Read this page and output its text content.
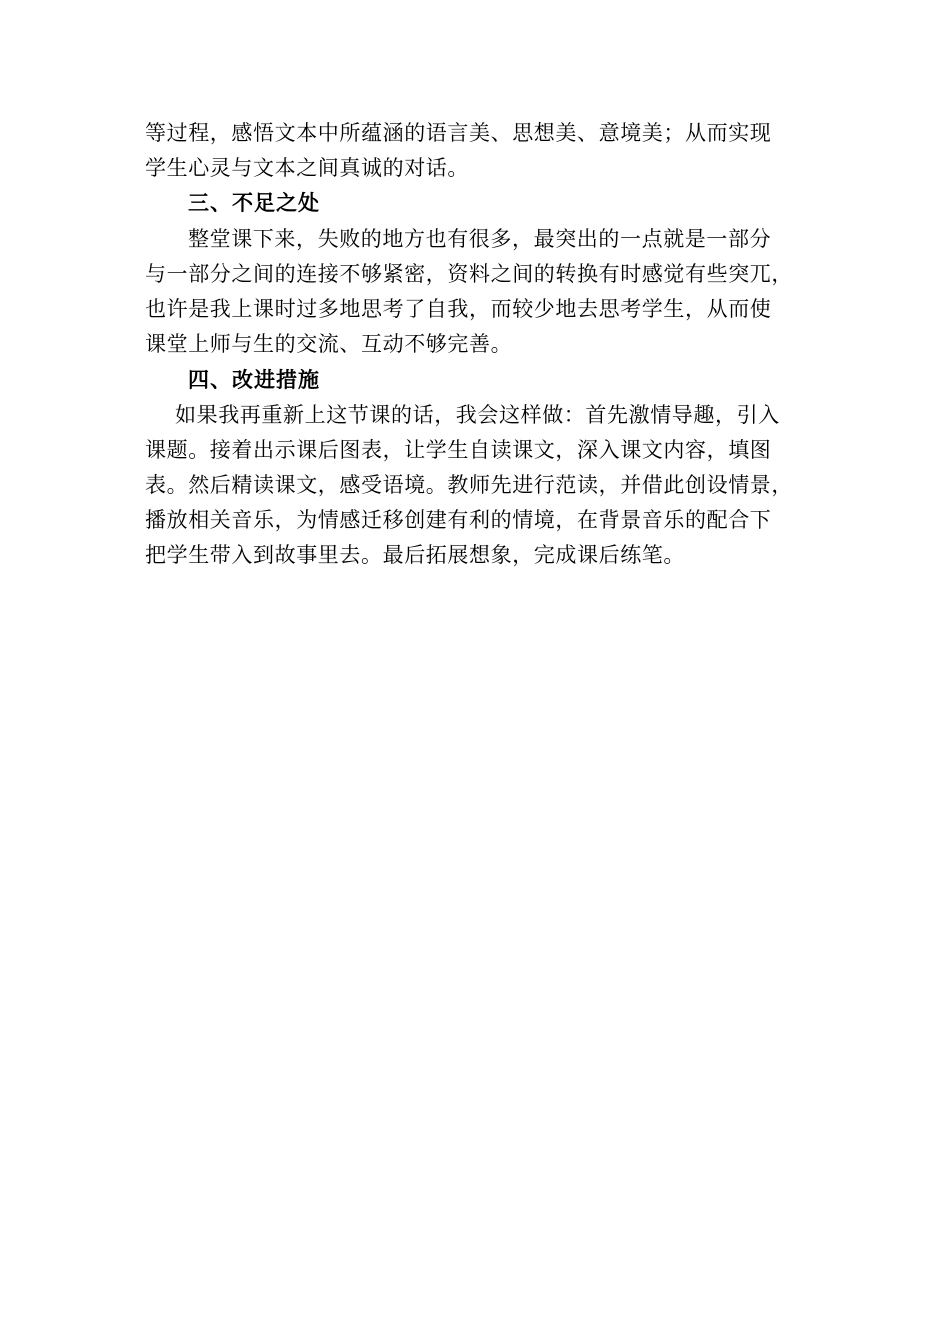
等过程，感悟文本中所蕴涵的语言美、思想美、意境美；从而实现
学生心灵与文本之间真诚的对话。
三、不足之处
整堂课下来，失败的地方也有很多，最突出的一点就是一部分
与一部分之间的连接不够紧密，资料之间的转换有时感觉有些突兀，
也许是我上课时过多地思考了自我，而较少地去思考学生，从而使
课堂上师与生的交流、互动不够完善。
四、改进措施
如果我再重新上这节课的话，我会这样做：首先激情导趣，引入
课题。接着出示课后图表，让学生自读课文，深入课文内容，填图
表。然后精读课文，感受语境。教师先进行范读，并借此创设情景，
播放相关音乐，为情感迁移创建有利的情境，在背景音乐的配合下
把学生带入到故事里去。最后拓展想象，完成课后练笔。
